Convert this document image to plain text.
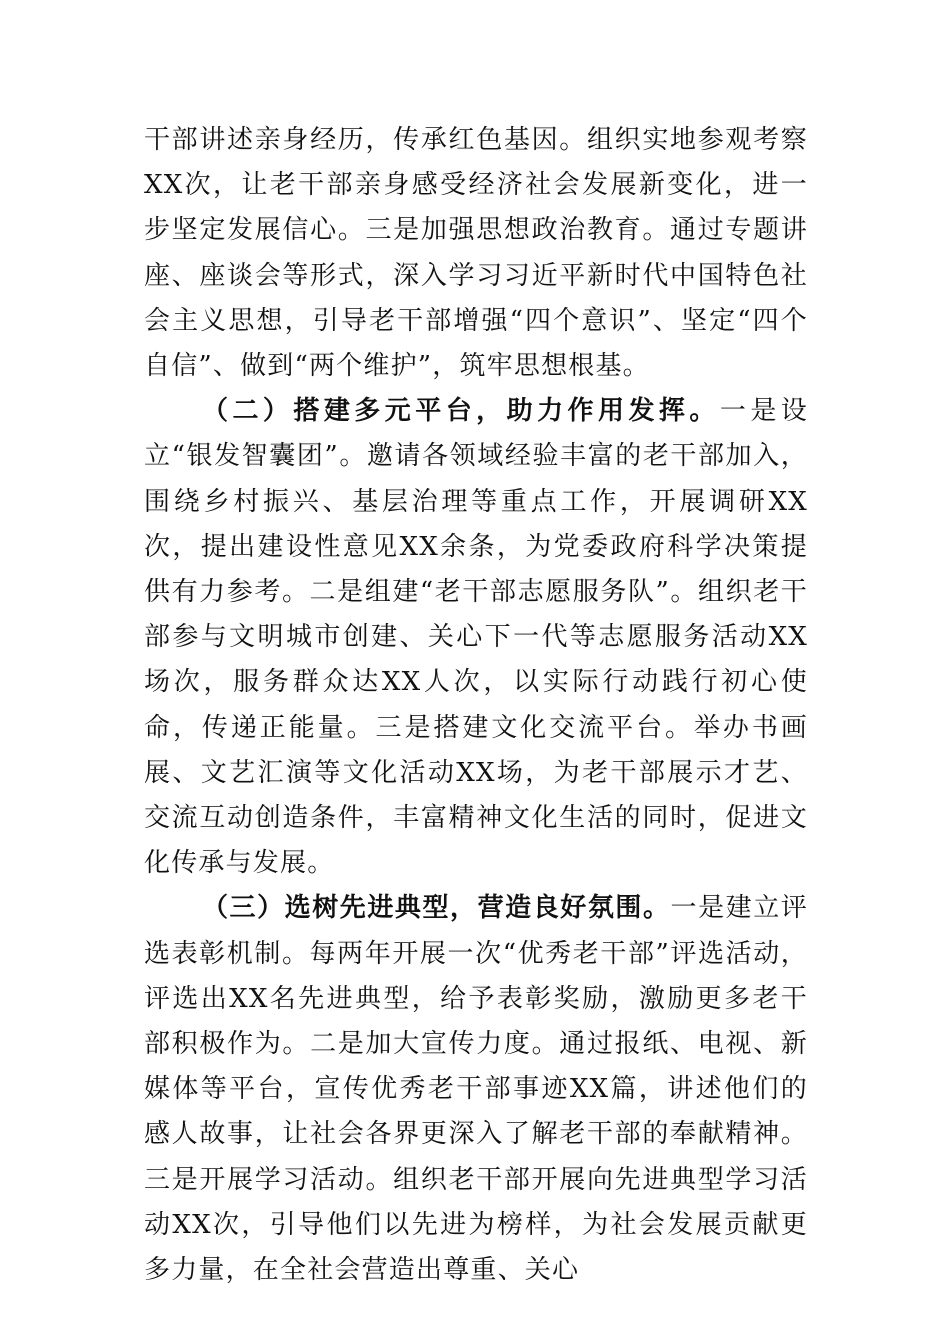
干部讲述亲身经历，传承红色基因。组织实地参观考察XX次，让老干部亲身感受经济社会发展新变化，进一步坚定发展信心。三是加强思想政治教育。通过专题讲座、座谈会等形式，深入学习习近平新时代中国特色社会主义思想，引导老干部增强“四个意识”、坚定“四个自信”、做到“两个维护”，筑牢思想根基。

（二）搭建多元平台，助力作用发挥。一是设立“银发智囊团”。邀请各领域经验丰富的老干部加入，围绕乡村振兴、基层治理等重点工作，开展调研XX次，提出建设性意见XX余条，为党委政府科学决策提供有力参考。二是组建“老干部志愿服务队”。组织老干部参与文明城市创建、关心下一代等志愿服务活动XX场次，服务群众达XX人次，以实际行动践行初心使命，传递正能量。三是搭建文化交流平台。举办书画展、文艺汇演等文化活动XX场，为老干部展示才艺、交流互动创造条件，丰富精神文化生活的同时，促进文化传承与发展。

（三）选树先进典型，营造良好氛围。一是建立评选表彰机制。每两年开展一次“优秀老干部”评选活动，评选出XX名先进典型，给予表彰奖励，激励更多老干部积极作为。二是加大宣传力度。通过报纸、电视、新媒体等平台，宣传优秀老干部事迹XX篇，讲述他们的感人故事，让社会各界更深入了解老干部的奉献精神。三是开展学习活动。组织老干部开展向先进典型学习活动XX次，引导他们以先进为榜样，为社会发展贡献更多力量，在全社会营造出尊重、关心
